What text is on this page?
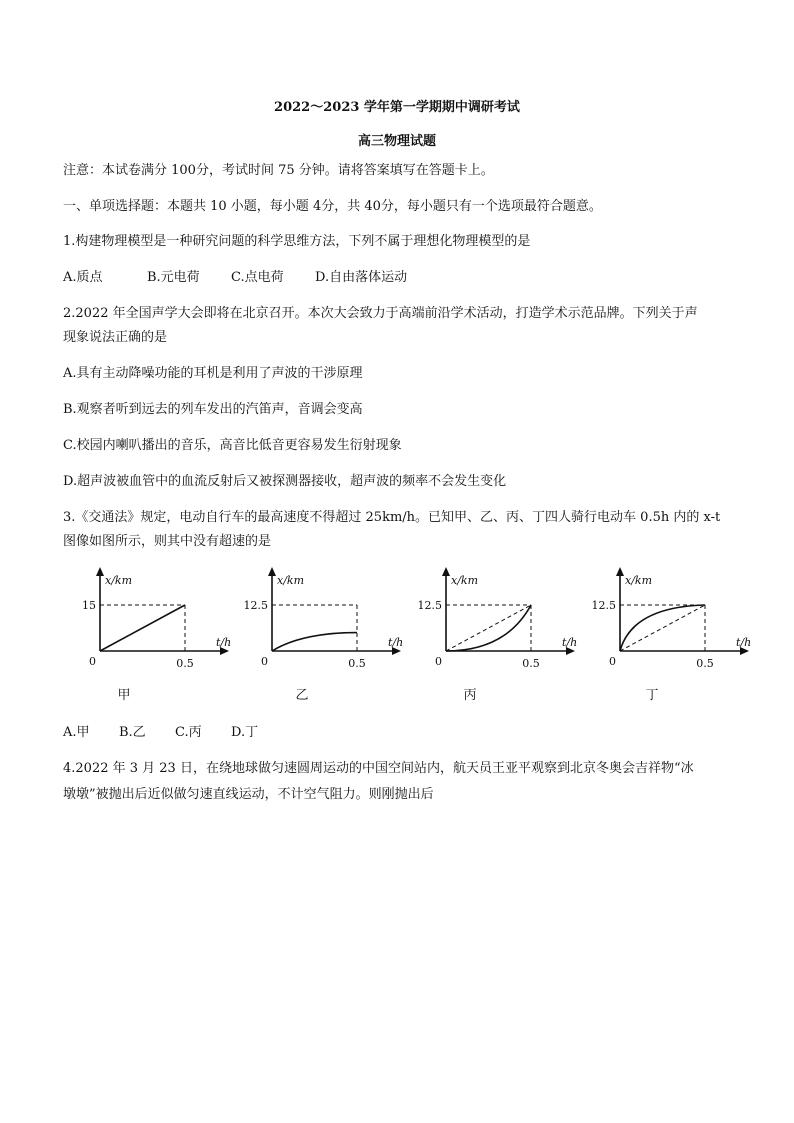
2022～2023 学年第一学期期中调研考试
高三物理试题
注意：本试卷满分 100分，考试时间 75 分钟。请将答案填写在答题卡上。
一、单项选择题：本题共 10 小题，每小题 4分，共 40分，每小题只有一个选项最符合题意。
1.构建物理模型是一种研究问题的科学思维方法，下列不属于理想化物理模型的是
A.质点	B.元电荷 C.点电荷 D.自由落体运动
2.2022 年全国声学大会即将在北京召开。本次大会致力于高端前沿学术活动，打造学术示范品牌。下列关于声
现象说法正确的是
A.具有主动降噪功能的耳机是利用了声波的干涉原理
B.观察者听到远去的列车发出的汽笛声，音调会变高
C.校园内喇叭播出的音乐，高音比低音更容易发生衍射现象
D.超声波被血管中的血流反射后又被探测器接收，超声波的频率不会发生变化
3.《交通法》规定，电动自行车的最高速度不得超过 25km/h。已知甲、乙、丙、丁四人骑行电动车 0.5h 内的 x-t
图像如图所示，则其中没有超速的是
x/km
t/h
15
0.5
0
甲
x/km
t/h
12.5
0.5
0
乙
x/km
t/h
12.5
0.5
0
丙
x/km
t/h
12.5
0.5
0
丁
A.甲 B.乙 C.丙 D.丁
4.2022 年 3 月 23 日，在绕地球做匀速圆周运动的中国空间站内，航天员王亚平观察到北京冬奥会吉祥物“冰
墩墩”被抛出后近似做匀速直线运动，不计空气阻力。则刚抛出后
